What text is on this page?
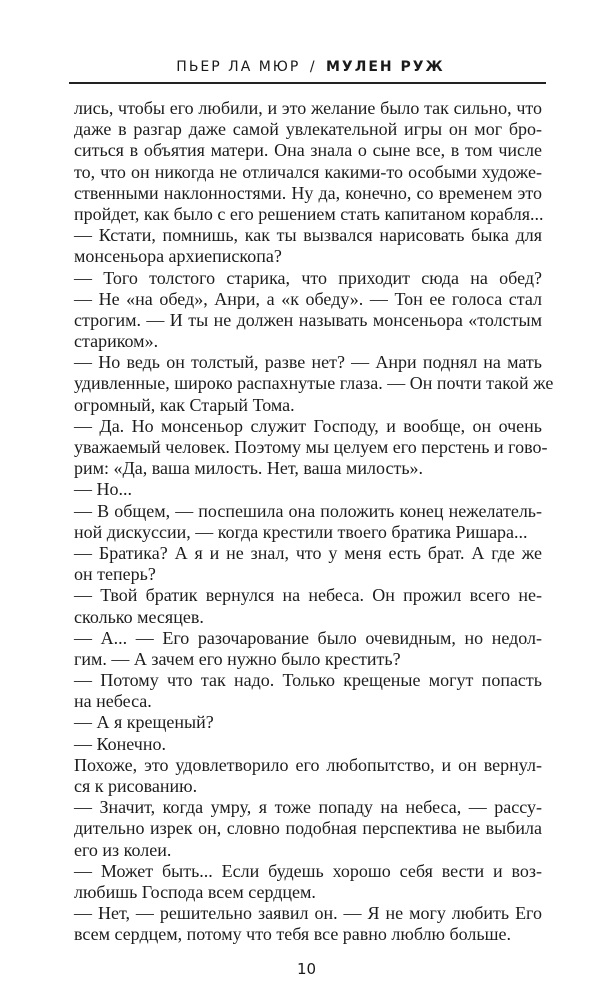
ПЬЕР ЛА МЮР / МУЛЕН РУЖ
лись, чтобы его любили, и это желание было так сильно, что
даже в разгар даже самой увлекательной игры он мог бро-
ситься в объятия матери. Она знала о сыне все, в том числе
то, что он никогда не отличался какими-то особыми художе-
ственными наклонностями. Ну да, конечно, со временем это
пройдет, как было с его решением стать капитаном корабля...
— Кстати, помнишь, как ты вызвался нарисовать быка для
монсеньора архиепископа?
— Того толстого старика, что приходит сюда на обед?
— Не «на обед», Анри, а «к обеду». — Тон ее голоса стал
строгим. — И ты не должен называть монсеньора «толстым
стариком».
— Но ведь он толстый, разве нет? — Анри поднял на мать
удивленные, широко распахнутые глаза. — Он почти такой же
огромный, как Старый Тома.
— Да. Но монсеньор служит Господу, и вообще, он очень
уважаемый человек. Поэтому мы целуем его перстень и гово-
рим: «Да, ваша милость. Нет, ваша милость».
— Но...
— В общем, — поспешила она положить конец нежелатель-
ной дискуссии, — когда крестили твоего братика Ришара...
— Братика? А я и не знал, что у меня есть брат. А где же
он теперь?
— Твой братик вернулся на небеса. Он прожил всего не-
сколько месяцев.
— А... — Его разочарование было очевидным, но недол-
гим. — А зачем его нужно было крестить?
— Потому что так надо. Только крещеные могут попасть
на небеса.
— А я крещеный?
— Конечно.
Похоже, это удовлетворило его любопытство, и он вернул-
ся к рисованию.
— Значит, когда умру, я тоже попаду на небеса, — рассу-
дительно изрек он, словно подобная перспектива не выбила
его из колеи.
— Может быть... Если будешь хорошо себя вести и воз-
любишь Господа всем сердцем.
— Нет, — решительно заявил он. — Я не могу любить Его
всем сердцем, потому что тебя все равно люблю больше.
10
